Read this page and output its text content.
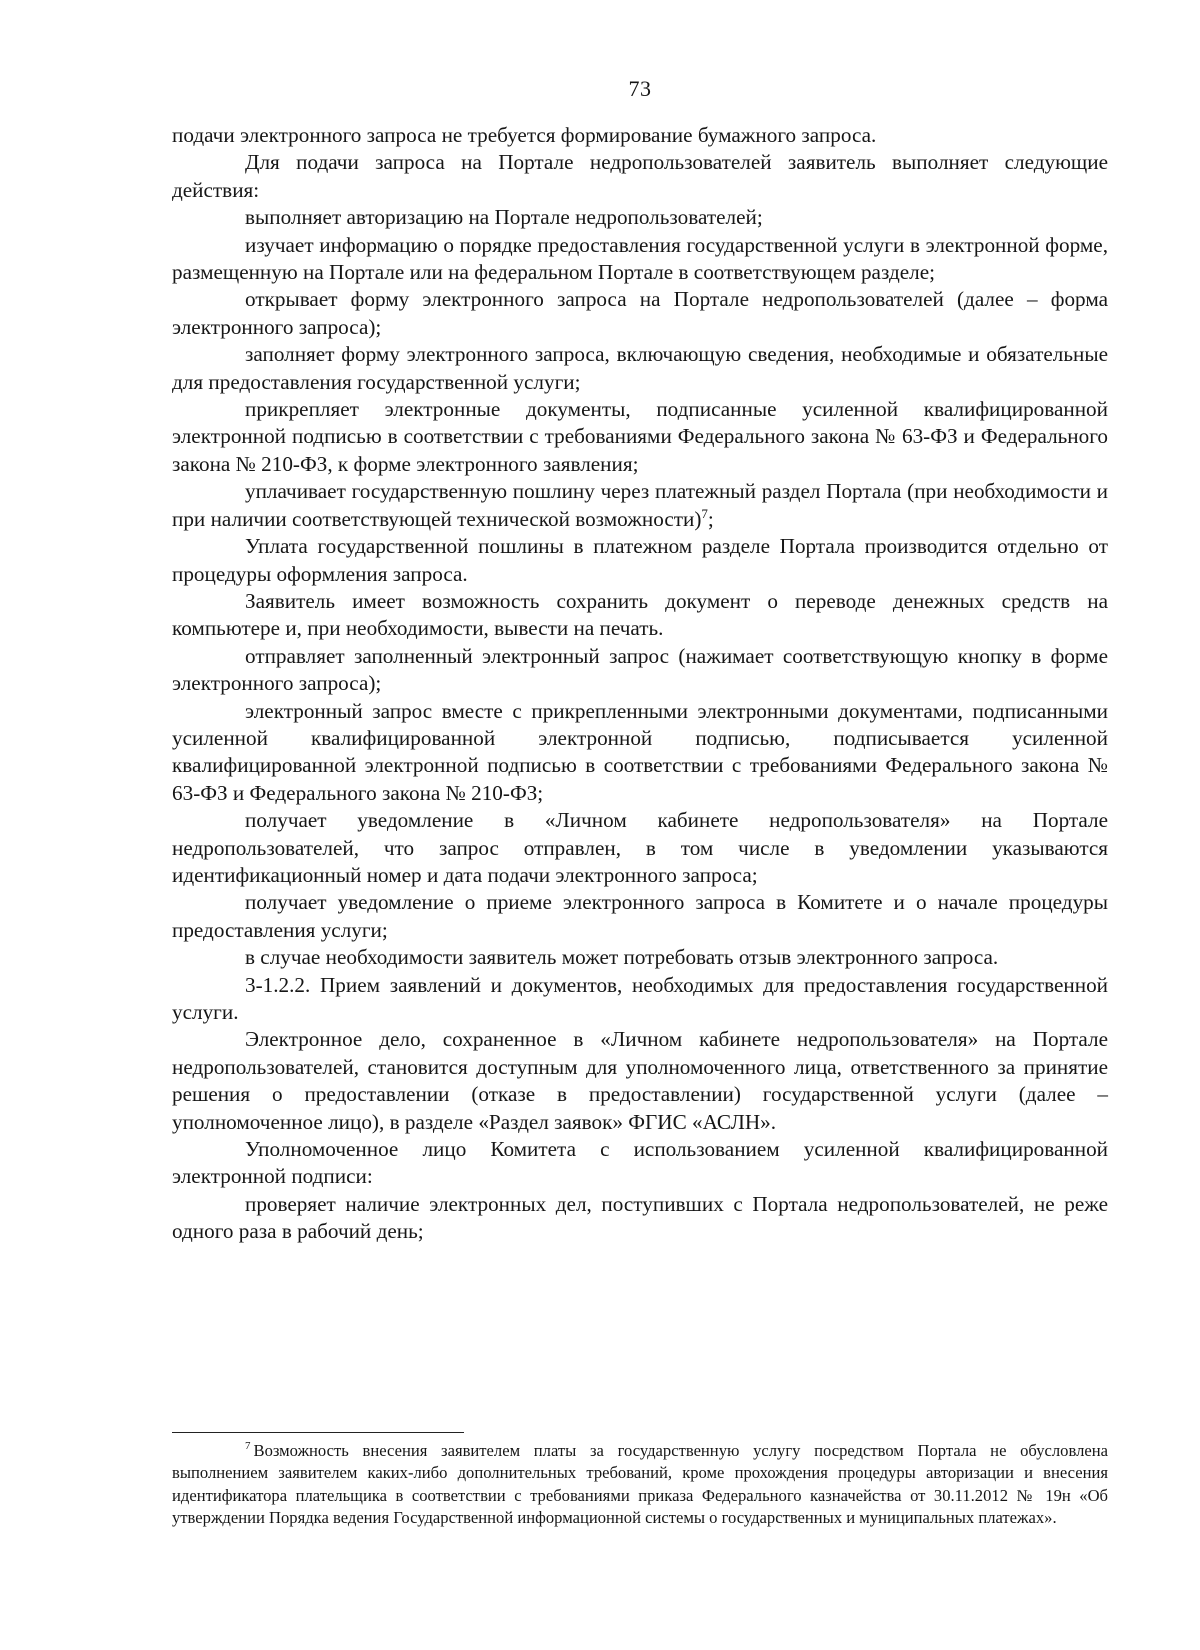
73

подачи электронного запроса не требуется формирование бумажного запроса.

Для подачи запроса на Портале недропользователей заявитель выполняет следующие действия:

выполняет авторизацию на Портале недропользователей;

изучает информацию о порядке предоставления государственной услуги в электронной форме, размещенную на Портале или на федеральном Портале в соответствующем разделе;

открывает форму электронного запроса на Портале недропользователей (далее – форма электронного запроса);

заполняет форму электронного запроса, включающую сведения, необходимые и обязательные для предоставления государственной услуги;

прикрепляет электронные документы, подписанные усиленной квалифицированной электронной подписью в соответствии с требованиями Федерального закона № 63-ФЗ и Федерального закона № 210-ФЗ, к форме электронного заявления;

уплачивает государственную пошлину через платежный раздел Портала (при необходимости и при наличии соответствующей технической возможности)$^7$;

Уплата государственной пошлины в платежном разделе Портала производится отдельно от процедуры оформления запроса.

Заявитель имеет возможность сохранить документ о переводе денежных средств на компьютере и, при необходимости, вывести на печать.

отправляет заполненный электронный запрос (нажимает соответствующую кнопку в форме электронного запроса);

электронный запрос вместе с прикрепленными электронными документами, подписанными усиленной квалифицированной электронной подписью, подписывается усиленной квалифицированной электронной подписью в соответствии с требованиями Федерального закона № 63-ФЗ и Федерального закона № 210-ФЗ;

получает уведомление в «Личном кабинете недропользователя» на Портале недропользователей, что запрос отправлен, в том числе в уведомлении указываются идентификационный номер и дата подачи электронного запроса;

получает уведомление о приеме электронного запроса в Комитете и о начале процедуры предоставления услуги;

в случае необходимости заявитель может потребовать отзыв электронного запроса.

3-1.2.2. Прием заявлений и документов, необходимых для предоставления государственной услуги.

Электронное дело, сохраненное в «Личном кабинете недропользователя» на Портале недропользователей, становится доступным для уполномоченного лица, ответственного за принятие решения о предоставлении (отказе в предоставлении) государственной услуги (далее – уполномоченное лицо), в разделе «Раздел заявок» ФГИС «АСЛН».

Уполномоченное лицо Комитета с использованием усиленной квалифицированной электронной подписи:

проверяет наличие электронных дел, поступивших с Портала недропользователей, не реже одного раза в рабочий день;

$^7$ Возможность внесения заявителем платы за государственную услугу посредством Портала не обусловлена выполнением заявителем каких-либо дополнительных требований, кроме прохождения процедуры авторизации и внесения идентификатора плательщика в соответствии с требованиями приказа Федерального казначейства от 30.11.2012 № 19н «Об утверждении Порядка ведения Государственной информационной системы о государственных и муниципальных платежах».
